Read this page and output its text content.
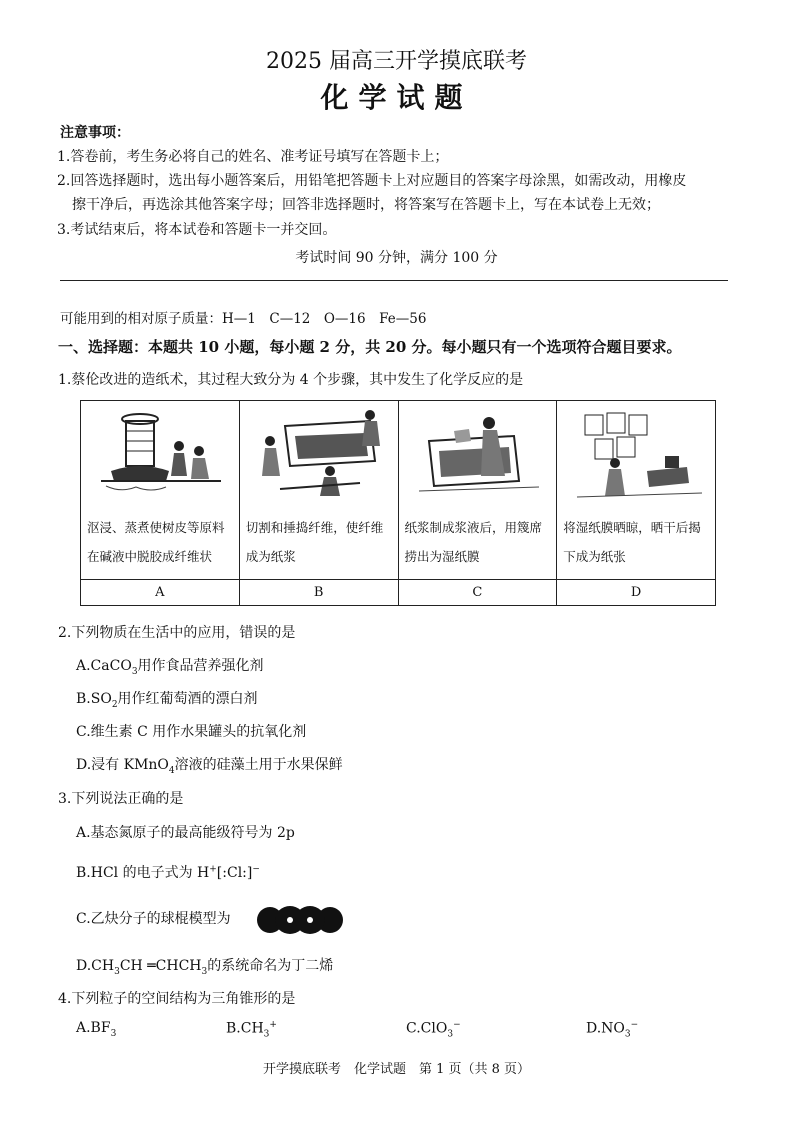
2025 届高三开学摸底联考
化学试题
注意事项：
1.答卷前，考生务必将自己的姓名、准考证号填写在答题卡上；
2.回答选择题时，选出每小题答案后，用铅笔把答题卡上对应题目的答案字母涂黑，如需改动，用橡皮
擦干净后，再选涂其他答案字母；回答非选择题时，将答案写在答题卡上，写在本试卷上无效；
3.考试结束后，将本试卷和答题卡一并交回。
考试时间 90 分钟，满分 100 分
可能用到的相对原子质量：H—1　C—12　O—16　Fe—56
一、选择题：本题共 10 小题，每小题 2 分，共 20 分。每小题只有一个选项符合题目要求。
1.蔡伦改进的造纸术，其过程大致分为 4 个步骤，其中发生了化学反应的是
沤浸、蒸煮使树皮等原料在碱液中脱胶成纤维状	切割和捶捣纤维，使纤维成为纸浆	纸浆制成浆液后，用篾席捞出为湿纸膜	将湿纸膜晒晾，晒干后揭下成为纸张

A	B	C	D
2.下列物质在生活中的应用，错误的是
A.CaCO$_3$用作食品营养强化剂
$B.SO_2$用作红葡萄酒的漂白剂
C.维生素 C 用作水果罐头的抗氧化剂
D.浸有 KMnO$_4$溶液的硅藻土用于水果保鲜
3.下列说法正确的是
A.基态氮原子的最高能级符号为 2p
B.HCl 的电子式为 H+[:Cl:]−
C.乙炔分子的球棍模型为
$D.CH_3CH$ $═CHCH_3$的系统命名为丁二烯
4.下列粒子的空间结构为三角锥形的是
$A.BF_3$	$B.CH_3^+$	C.ClO$_3$−	$D.NO_3^-$
开学摸底联考　化学试题　第 1 页（共 8 页）
